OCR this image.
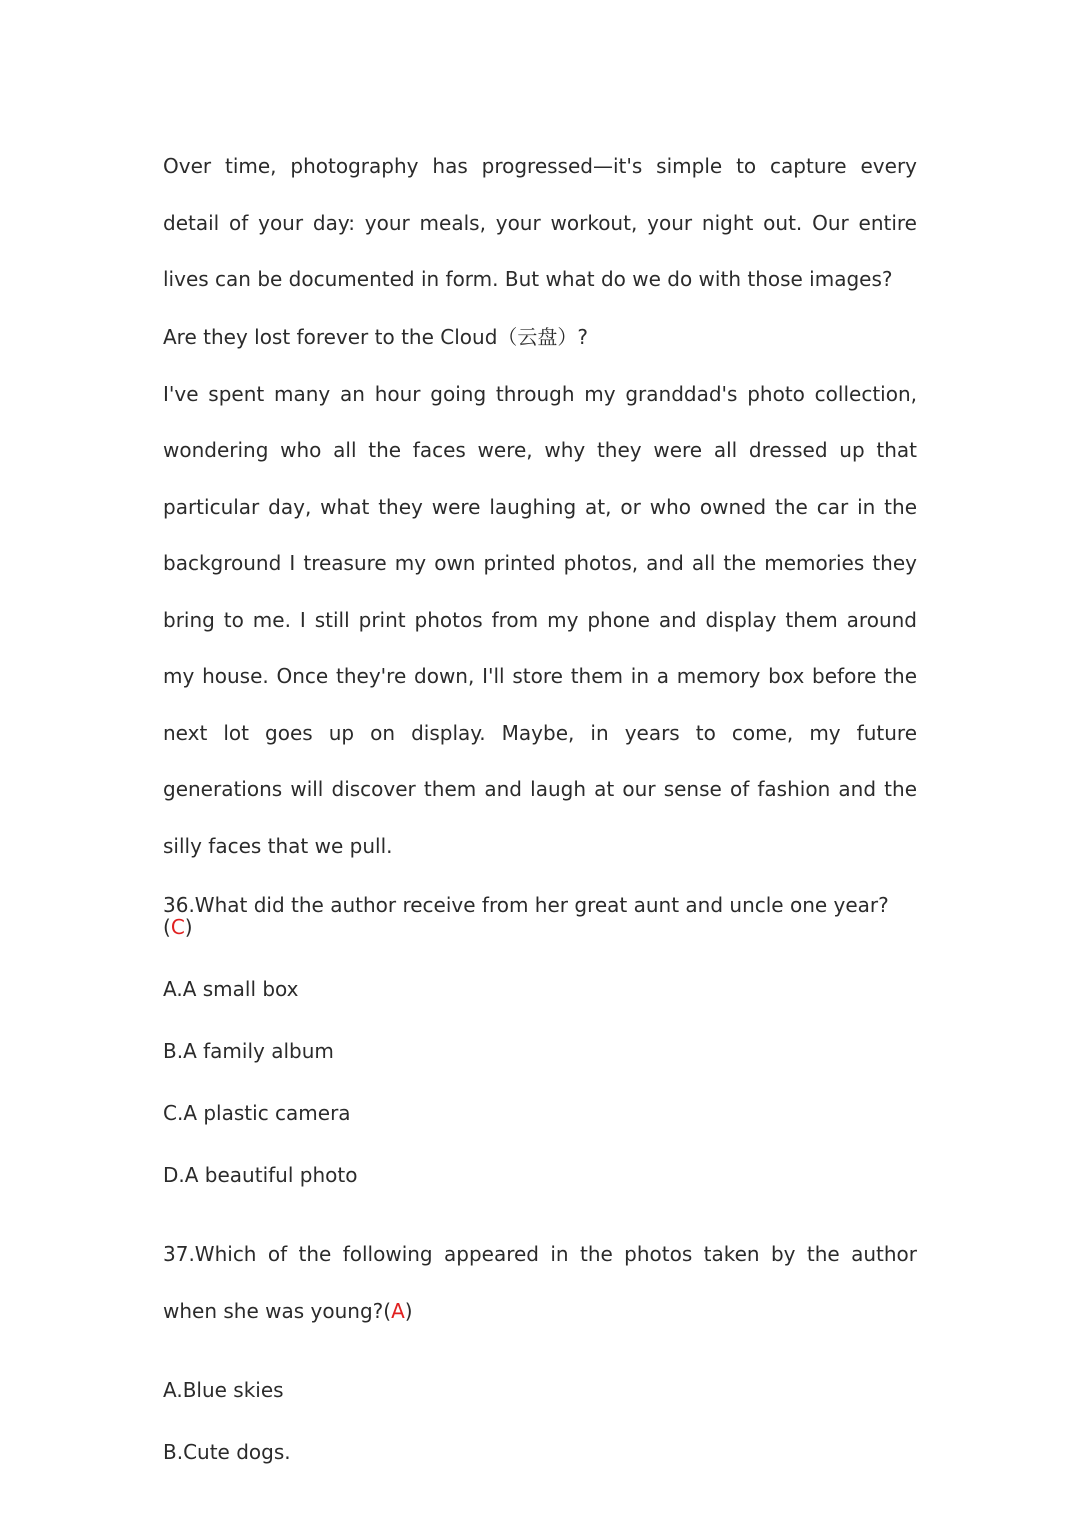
Over time, photography has progressed—it's simple to capture every detail of your day: your meals, your workout, your night out. Our entire lives can be documented in form. But what do we do with those images?

Are they lost forever to the Cloud（云盘）?

I've spent many an hour going through my granddad's photo collection, wondering who all the faces were, why they were all dressed up that particular day, what they were laughing at, or who owned the car in the background I treasure my own printed photos, and all the memories they bring to me. I still print photos from my phone and display them around my house. Once they're down, I'll store them in a memory box before the next lot goes up on display. Maybe, in years to come, my future generations will discover them and laugh at our sense of fashion and the silly faces that we pull.

36.What did the author receive from her great aunt and uncle one year?(C)

A.A small box

B.A family album

C.A plastic camera

D.A beautiful photo

37.Which of the following appeared in the photos taken by the author when she was young?(A)

A.Blue skies

B.Cute dogs.
